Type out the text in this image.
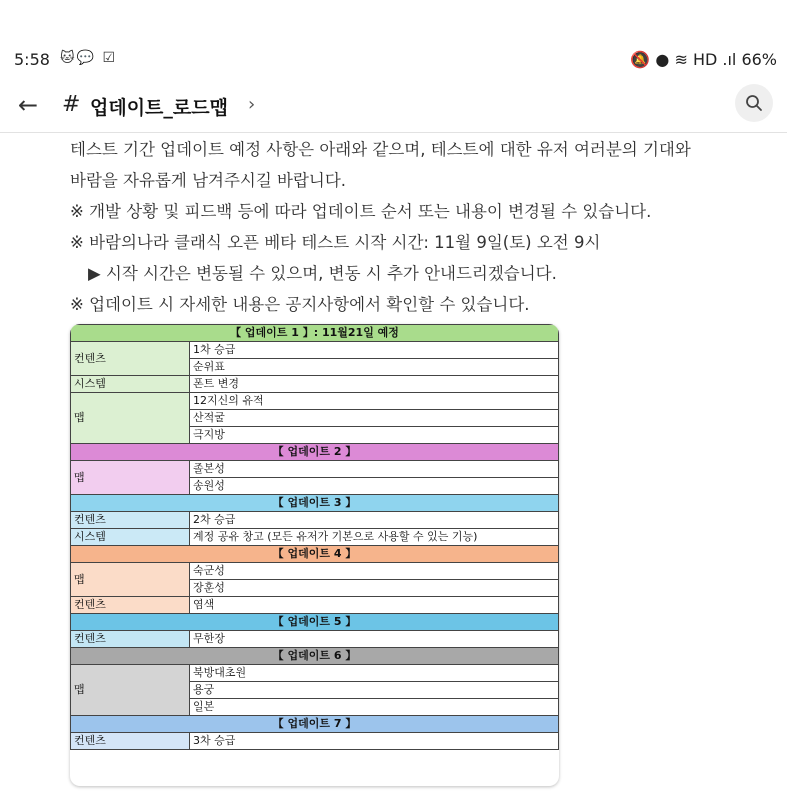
5:58 🐱💬 ☑	🔕 ● ≋ HD .ıl 66%
← # 업데이트_로드맵 ›
테스트 기간 업데이트 예정 사항은 아래와 같으며, 테스트에 대한 유저 여러분의 기대와
바람을 자유롭게 남겨주시길 바랍니다.
※ 개발 상황 및 피드백 등에 따라 업데이트 순서 또는 내용이 변경될 수 있습니다.
※ 바람의나라 클래식 오픈 베타 테스트 시작 시간: 11월 9일(토) 오전 9시
▶ 시작 시간은 변동될 수 있으며, 변동 시 추가 안내드리겠습니다.
※ 업데이트 시 자세한 내용은 공지사항에서 확인할 수 있습니다.
【 업데이트 1 】: 11월21일 예정	
컨텐츠	1차 승급
	순위표
시스템	폰트 변경
맵	12지신의 유적
	산적굴
	극지방
【 업데이트 2 】	
맵	졸본성
	송원성
【 업데이트 3 】	
컨텐츠	2차 승급
시스템	계정 공유 창고 (모든 유저가 기본으로 사용할 수 있는 기능)
【 업데이트 4 】	
맵	숙군성
	장훈성
컨텐츠	염색
【 업데이트 5 】	
컨텐츠	무한장
【 업데이트 6 】	
맵	북방대초원
	용궁
	일본
【 업데이트 7 】	
컨텐츠	3차 승급
